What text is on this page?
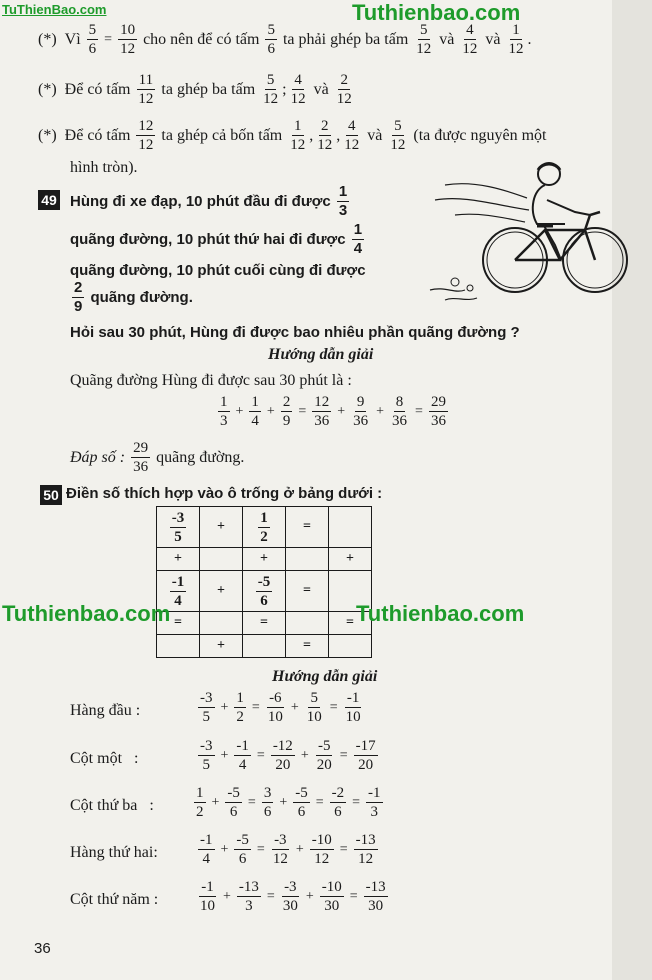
TuThienBao.com	Tuthienbao.com
(*)
Vì
$\frac{5}{6} = \frac{10}{12}$
cho nên để có tấm
$\frac{5}{6}$
ta phải ghép ba tấm
$\frac{5}{12}$
và
$\frac{4}{12}$
và
$\frac{1}{12}$ .
(*)
Để có tấm
$\frac{11}{12}$
ta ghép ba tấm
$\frac{5}{12}$ ; $\frac{4}{12}$
và
$\frac{2}{12}$
(*)
Để có tấm
$\frac{12}{12}$
ta ghép cả bốn tấm
$\frac{1}{12}$ , $\frac{2}{12}$ , $\frac{4}{12}$
và
$\frac{5}{12}$
(ta được nguyên một
hình tròn).
49 Hùng đi xe đạp, 10 phút đầu đi được
$\frac{1}{3}$
quãng đường, 10 phút thứ hai đi được
$\frac{1}{4}$
quãng đường, 10 phút cuối cùng đi được
$\frac{2}{9}$
quãng đường.
Hỏi sau 30 phút, Hùng đi được bao nhiêu phần quãng đường ?
Hướng dẫn giải
Quãng đường Hùng đi được sau 30 phút là :
$\frac{1}{3} + \frac{1}{4} + \frac{2}{9} = \frac{12}{36} + \frac{9}{36} + \frac{8}{36} = \frac{29}{36}$
Đáp số :
$\frac{29}{36}$
quãng đường.
50 Điền số thích hợp vào ô trống ở bảng dưới :
$\frac{-3}{5}$	+	$\frac{1}{2}$	=	
+		+		+

$\frac{-1}{4}$	+	$\frac{-5}{6}$	=	
=		=		=
	+		=	
Tuthienbao.com	Tuthienbao.com
Hướng dẫn giải
Hàng đầu :	$\frac{-3}{5} + \frac{1}{2} = \frac{-6}{10} + \frac{5}{10} = \frac{-1}{10}$
Cột một   :	$\frac{-3}{5} + \frac{-1}{4} = \frac{-12}{20} + \frac{-5}{20} = \frac{-17}{20}$
Cột thứ ba   :	$\frac{1}{2} + \frac{-5}{6} = \frac{3}{6} + \frac{-5}{6} = \frac{-2}{6} = \frac{-1}{3}$
Hàng thứ hai:	$\frac{-1}{4} + \frac{-5}{6} = \frac{-3}{12} + \frac{-10}{12} = \frac{-13}{12}$
Cột thứ năm :	$\frac{-1}{10} + \frac{-13}{3} = \frac{-3}{30} + \frac{-10}{30} = \frac{-13}{30}$
36
